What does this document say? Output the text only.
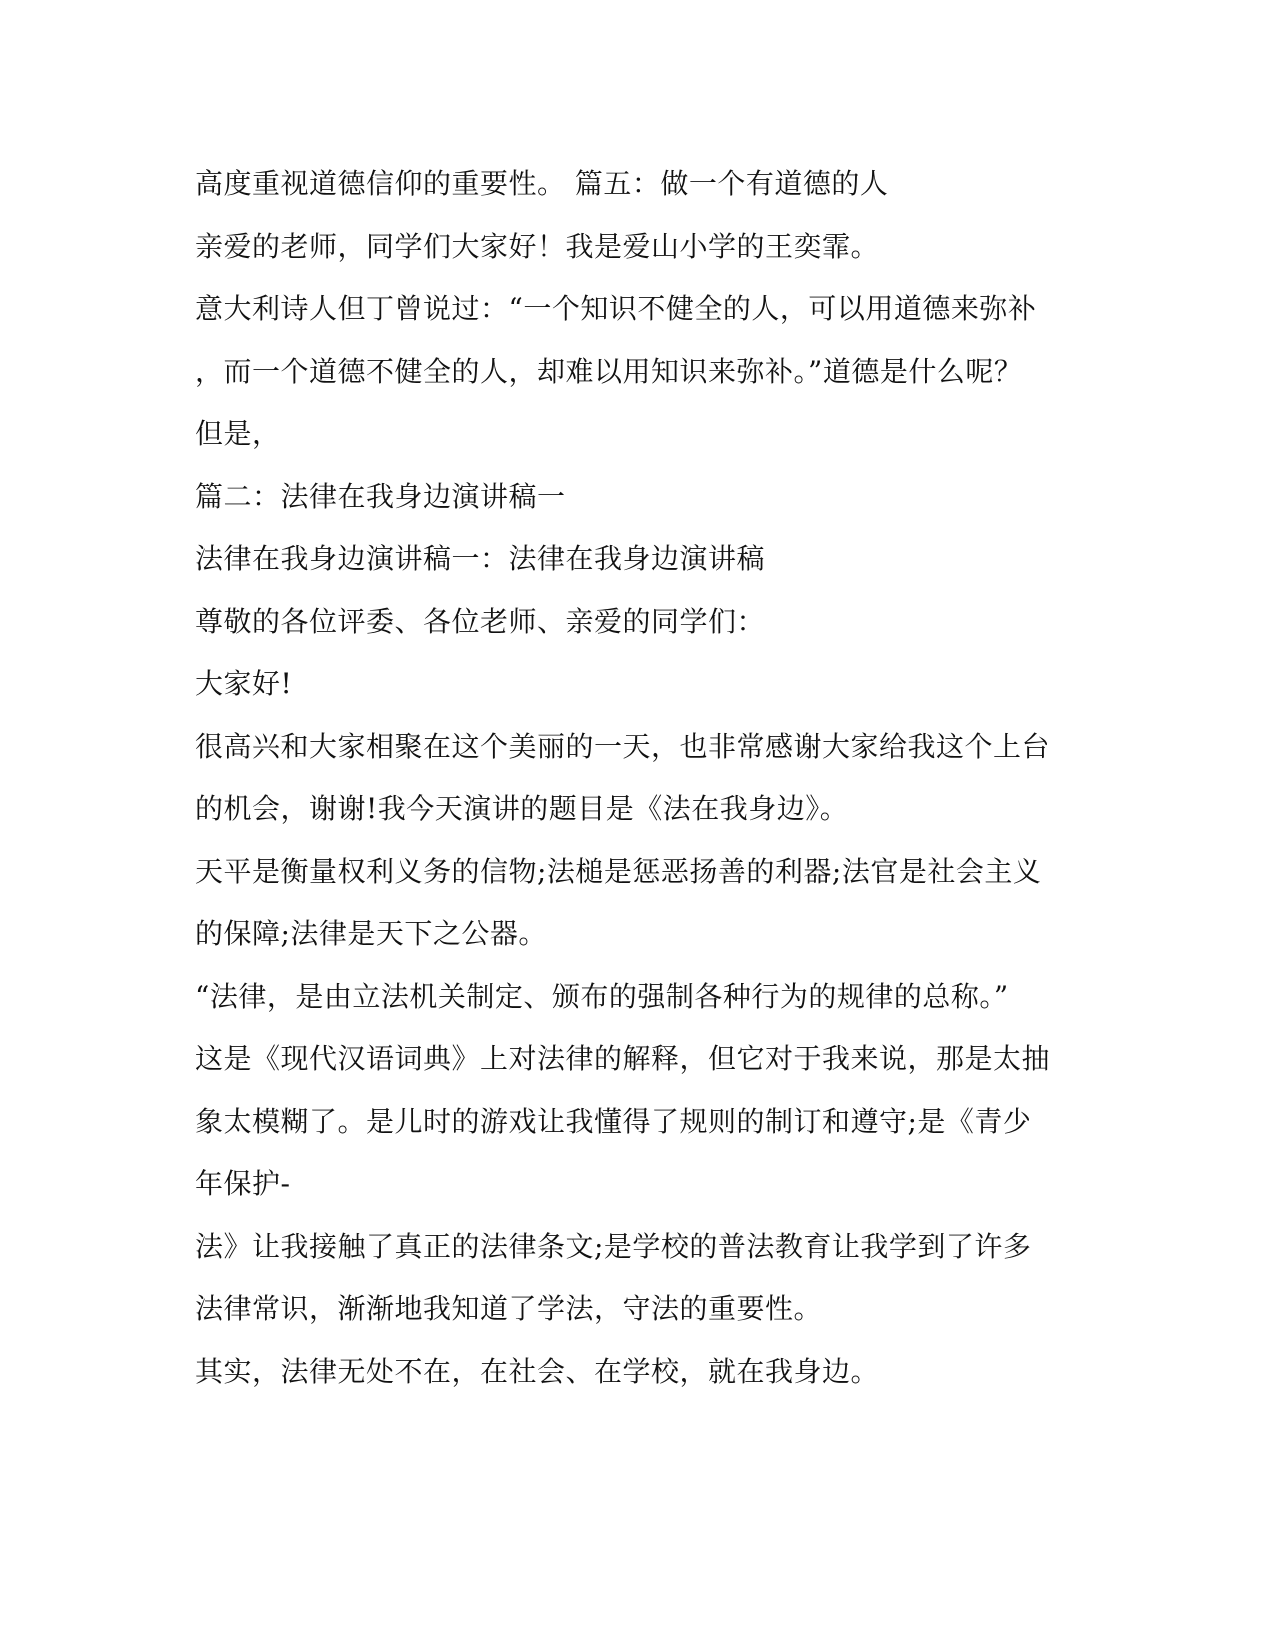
高度重视道德信仰的重要性。 篇五：做一个有道德的人
亲爱的老师，同学们大家好！我是爱山小学的王奕霏。
意大利诗人但丁曾说过：“一个知识不健全的人，可以用道德来弥补
，而一个道德不健全的人，却难以用知识来弥补。”道德是什么呢？
但是，
篇二：法律在我身边演讲稿一
法律在我身边演讲稿一：法律在我身边演讲稿
尊敬的各位评委、各位老师、亲爱的同学们：
大家好!
很高兴和大家相聚在这个美丽的一天，也非常感谢大家给我这个上台
的机会，谢谢!我今天演讲的题目是《法在我身边》。
天平是衡量权利义务的信物;法槌是惩恶扬善的利器;法官是社会主义
的保障;法律是天下之公器。
“法律，是由立法机关制定、颁布的强制各种行为的规律的总称。”
这是《现代汉语词典》上对法律的解释，但它对于我来说，那是太抽
象太模糊了。是儿时的游戏让我懂得了规则的制订和遵守;是《青少
年保护-
法》让我接触了真正的法律条文;是学校的普法教育让我学到了许多
法律常识，渐渐地我知道了学法，守法的重要性。
其实，法律无处不在，在社会、在学校，就在我身边。
